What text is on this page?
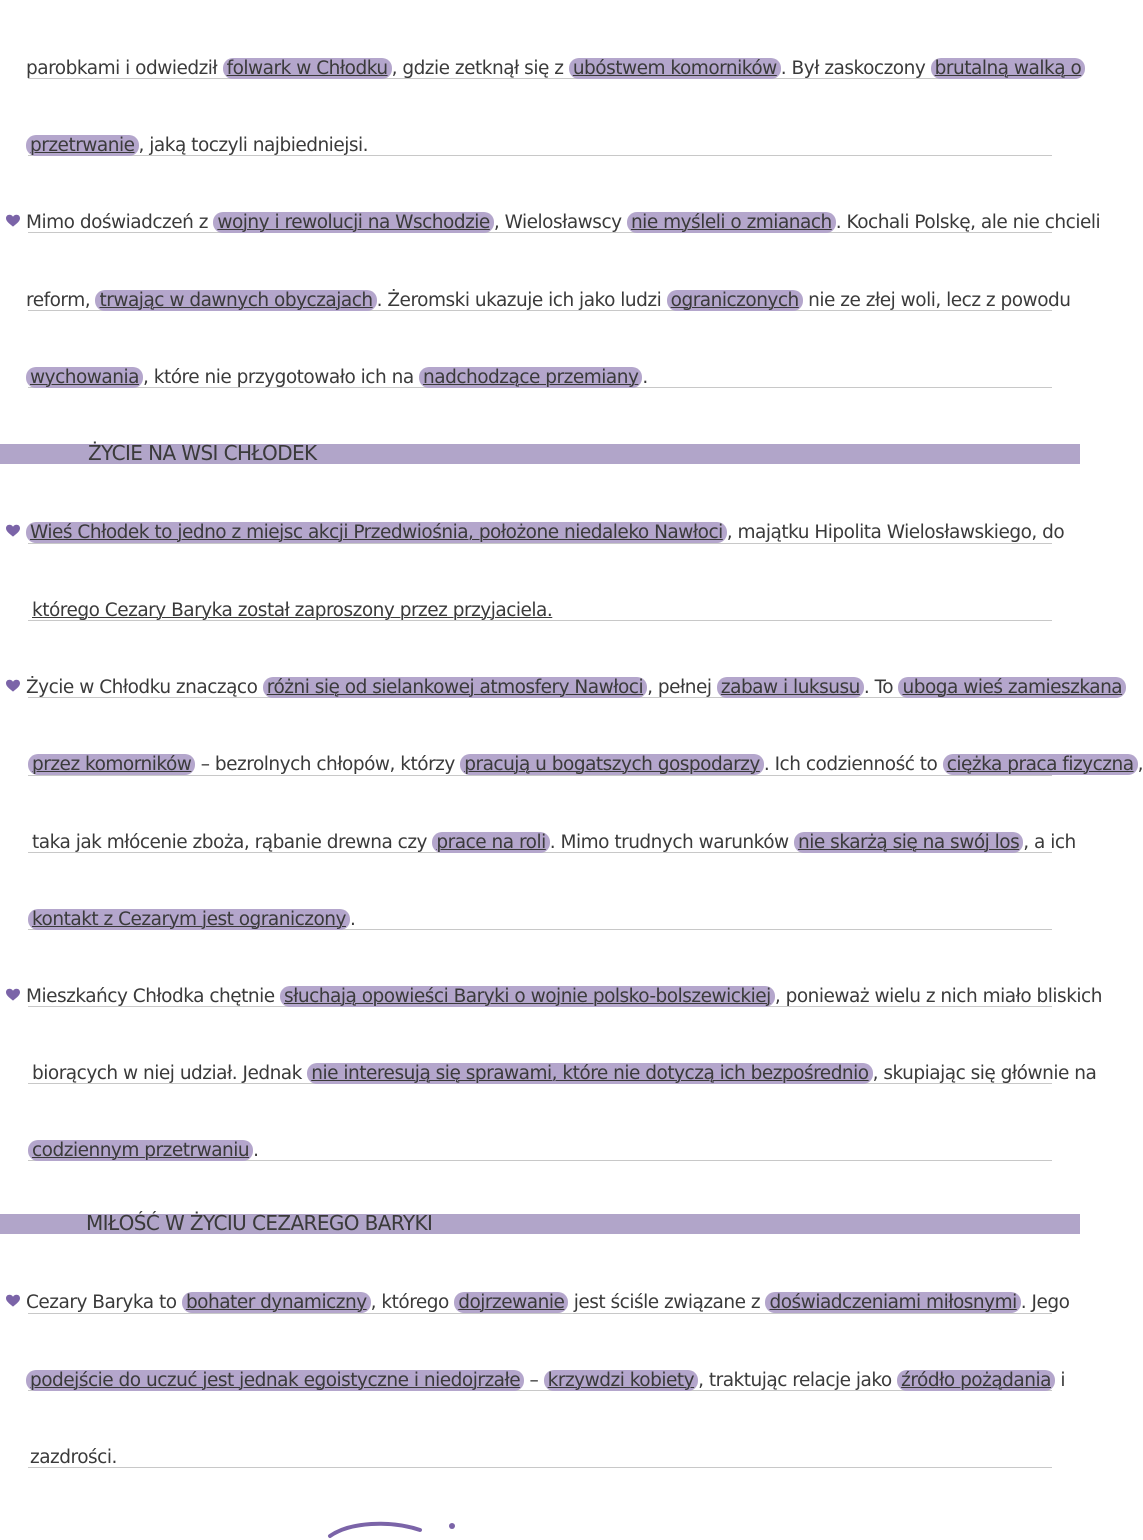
parobkami i odwiedził folwark w Chłodku , gdzie zetknął się z ubóstwem komorników . Był zaskoczony brutalną walką o
przetrwanie , jaką toczyli najbiedniejsi.
Mimo doświadczeń z wojny i rewolucji na Wschodzie , Wielosławscy nie myśleli o zmianach . Kochali Polskę, ale nie chcieli
reform, trwając w dawnych obyczajach . Żeromski ukazuje ich jako ludzi ograniczonych nie ze złej woli, lecz z powodu
wychowania , które nie przygotowało ich na nadchodzące przemiany .
ŻYCIE NA WSI CHŁODEK
Wieś Chłodek to jedno z miejsc akcji Przedwiośnia, położone niedaleko Nawłoci , majątku Hipolita Wielosławskiego, do
którego Cezary Baryka został zaproszony przez przyjaciela.
Życie w Chłodku znacząco różni się od sielankowej atmosfery Nawłoci , pełnej zabaw i luksusu . To uboga wieś zamieszkana
przez komorników – bezrolnych chłopów, którzy pracują u bogatszych gospodarzy . Ich codzienność to ciężka praca fizyczna ,
taka jak młócenie zboża, rąbanie drewna czy prace na roli . Mimo trudnych warunków nie skarżą się na swój los , a ich
kontakt z Cezarym jest ograniczony .
Mieszkańcy Chłodka chętnie słuchają opowieści Baryki o wojnie polsko-bolszewickiej , ponieważ wielu z nich miało bliskich
biorących w niej udział. Jednak nie interesują się sprawami, które nie dotyczą ich bezpośrednio , skupiając się głównie na
codziennym przetrwaniu .
MIŁOŚĆ W ŻYCIU CEZAREGO BARYKI
Cezary Baryka to bohater dynamiczny , którego dojrzewanie jest ściśle związane z doświadczeniami miłosnymi . Jego
podejście do uczuć jest jednak egoistyczne i niedojrzałe – krzywdzi kobiety , traktując relacje jako źródło pożądania i
zazdrości.
